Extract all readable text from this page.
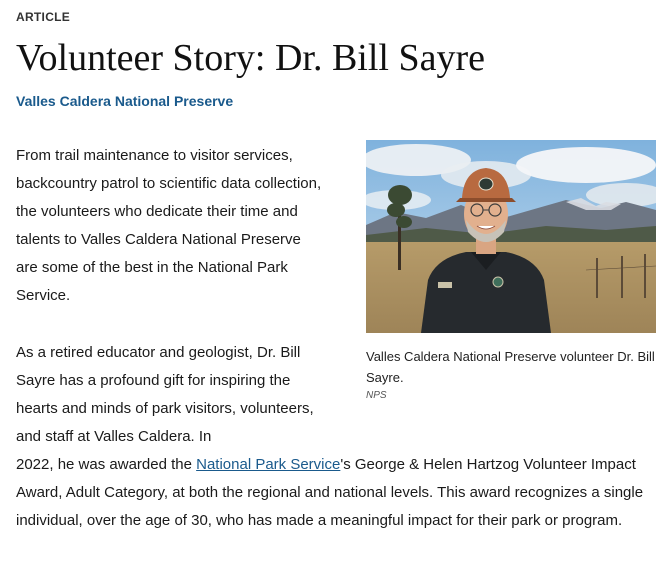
ARTICLE
Volunteer Story: Dr. Bill Sayre
Valles Caldera National Preserve

From trail maintenance to visitor services, backcountry patrol to scientific data collection, the volunteers who dedicate their time and talents to Valles Caldera National Preserve are some of the best in the National Park Service.

Valles Caldera National Preserve volunteer Dr. Bill Sayre.
NPS

As a retired educator and geologist, Dr. Bill Sayre has a profound gift for inspiring the hearts and minds of park visitors, volunteers, and staff at Valles Caldera. In

2022, he was awarded the National Park Service's George & Helen Hartzog Volunteer Impact Award, Adult Category, at both the regional and national levels. This award recognizes a single individual, over the age of 30, who has made a meaningful impact for their park or program.
